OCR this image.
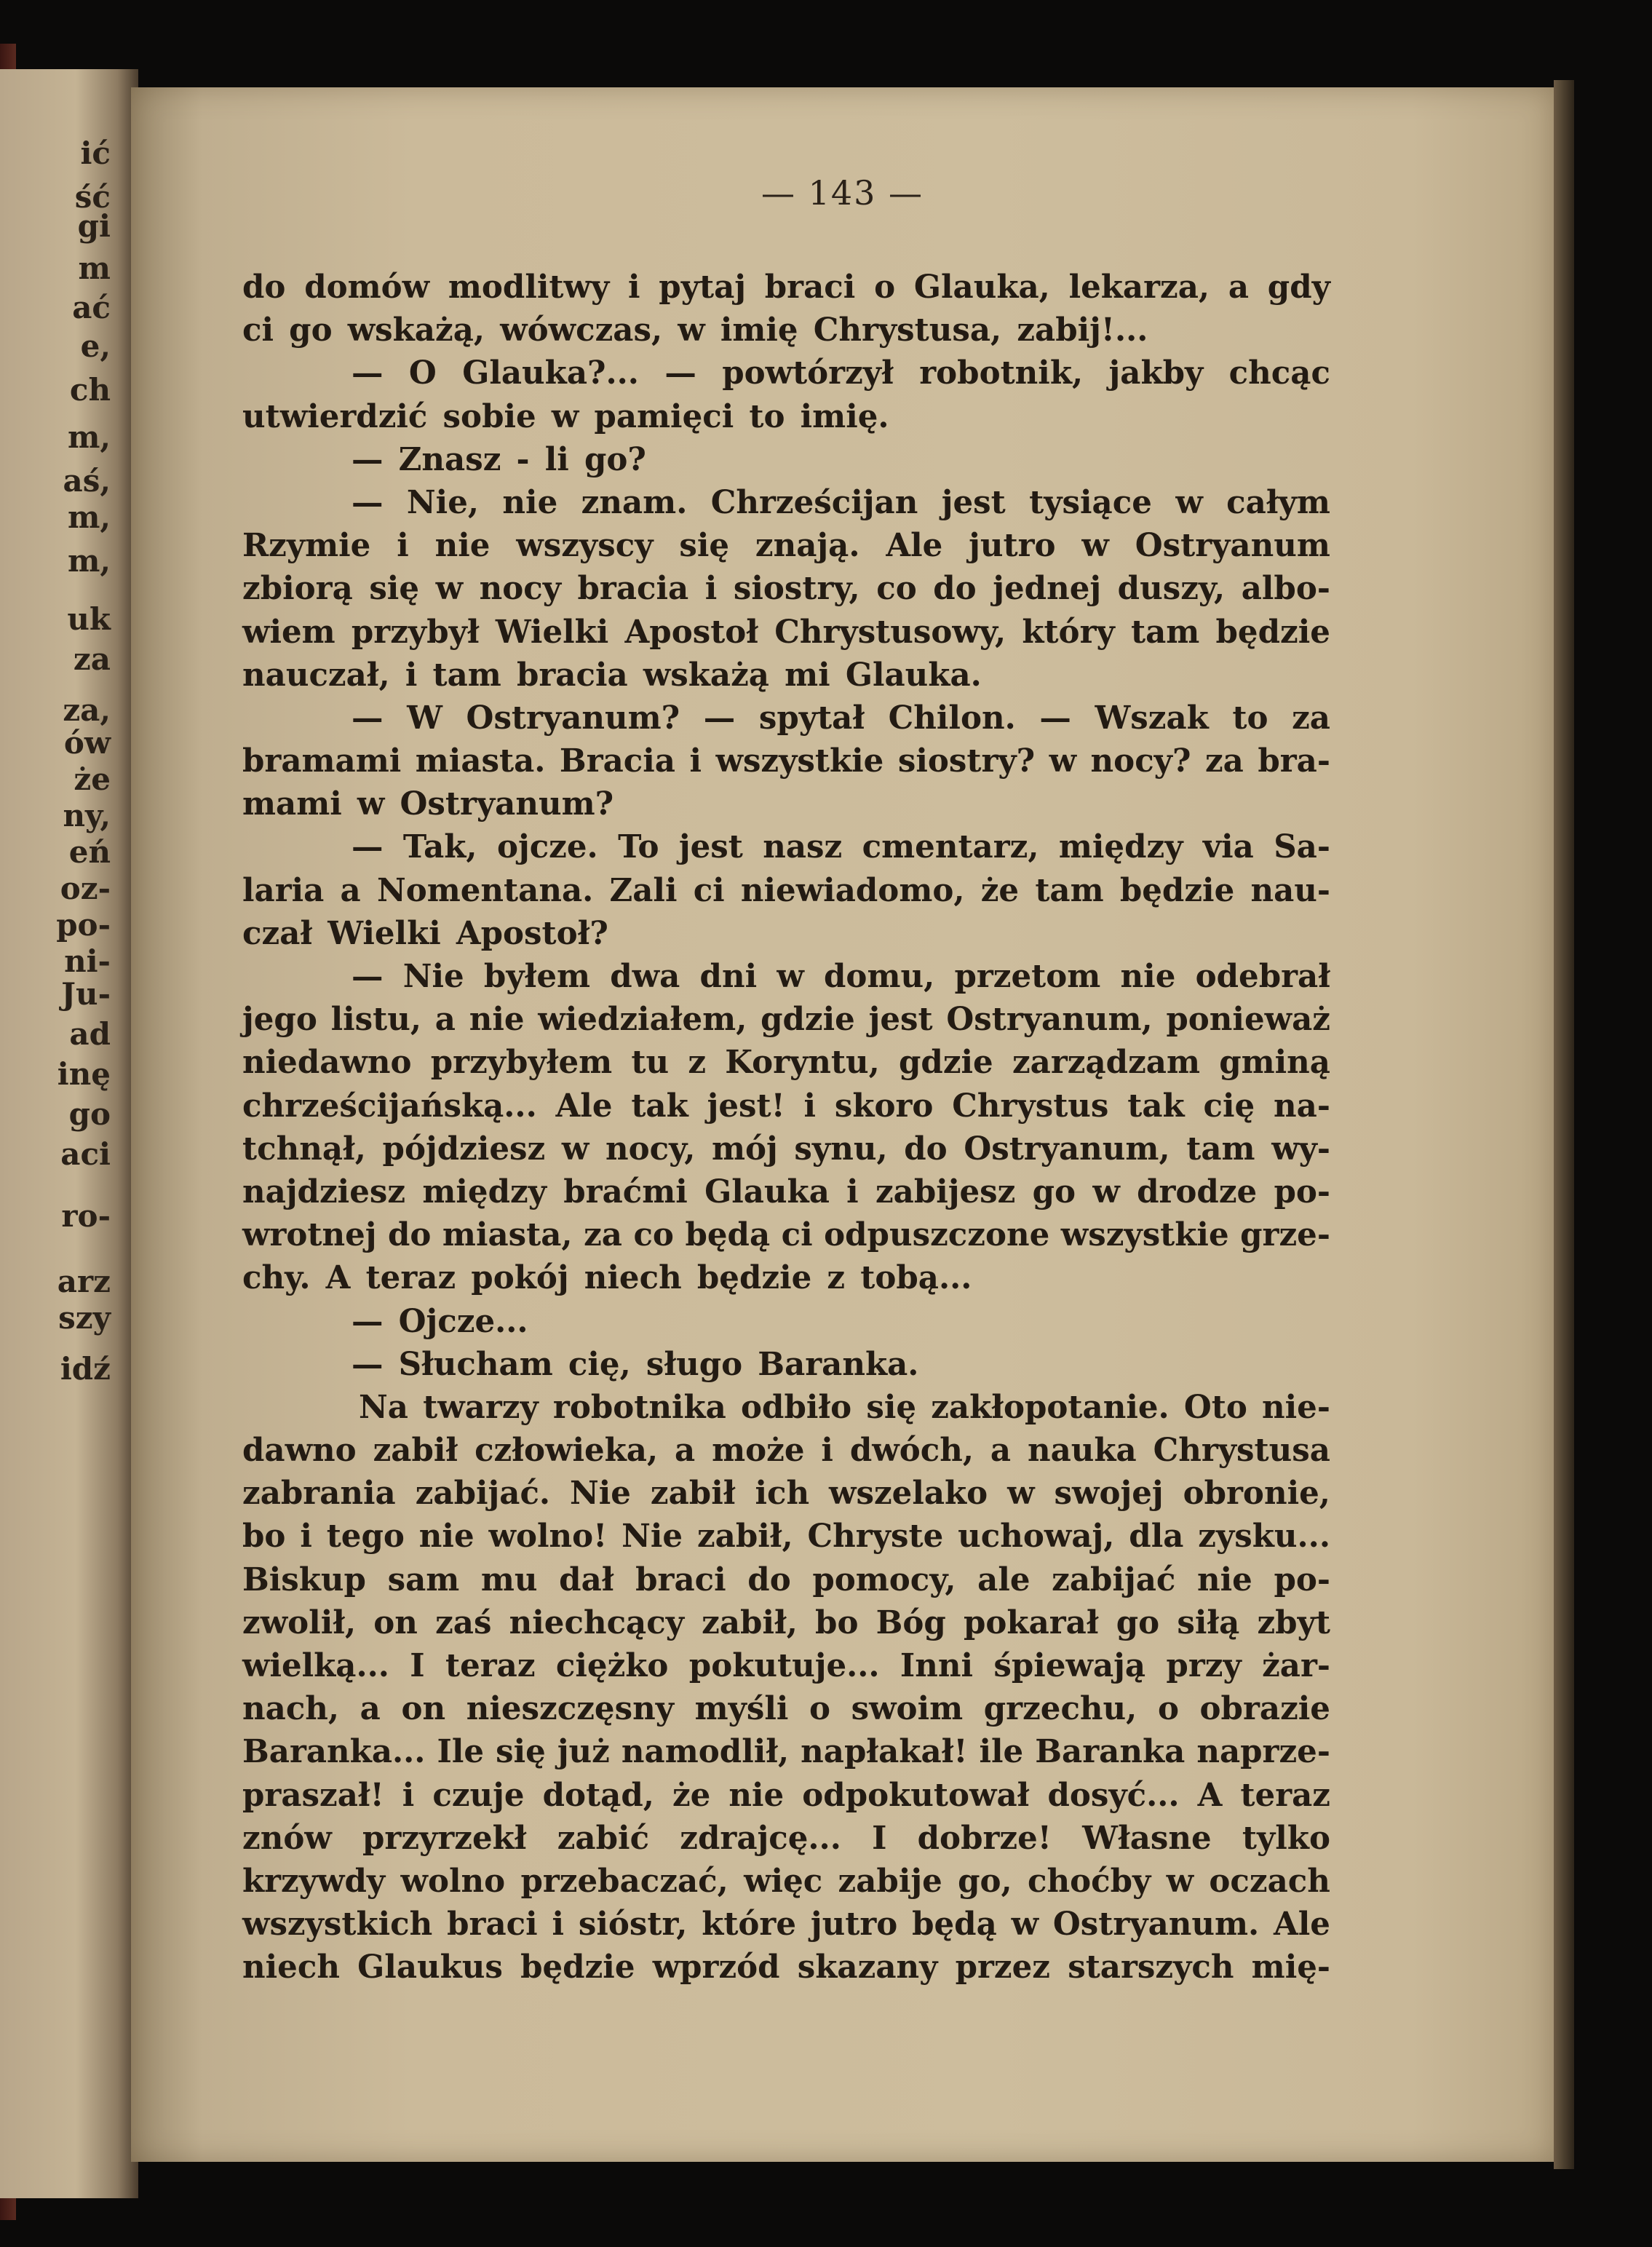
ić
ść
gi
m
ać
e,
ch
m,
aś,
m,
m,
uk
za
za,
ów
że
ny,
eń
oz-
po-
ni-
Ju-
ad
inę
go
aci
ro-
arz
szy
idź
— 143 —
do domów modlitwy i pytaj braci o Glauka, lekarza, a gdy
ci go wskażą, wówczas, w imię Chrystusa, zabij!...
— O Glauka?... — powtórzył robotnik, jakby chcąc
utwierdzić sobie w pamięci to imię.
— Znasz - li go?
— Nie, nie znam. Chrześcijan jest tysiące w całym
Rzymie i nie wszyscy się znają. Ale jutro w Ostryanum
zbiorą się w nocy bracia i siostry, co do jednej duszy, albo-
wiem przybył Wielki Apostoł Chrystusowy, który tam będzie
nauczał, i tam bracia wskażą mi Glauka.
— W Ostryanum? — spytał Chilon. — Wszak to za
bramami miasta. Bracia i wszystkie siostry? w nocy? za bra-
mami w Ostryanum?
— Tak, ojcze. To jest nasz cmentarz, między via Sa-
laria a Nomentana. Zali ci niewiadomo, że tam będzie nau-
czał Wielki Apostoł?
— Nie byłem dwa dni w domu, przetom nie odebrał
jego listu, a nie wiedziałem, gdzie jest Ostryanum, ponieważ
niedawno przybyłem tu z Koryntu, gdzie zarządzam gminą
chrześcijańską... Ale tak jest! i skoro Chrystus tak cię na-
tchnął, pójdziesz w nocy, mój synu, do Ostryanum, tam wy-
najdziesz między braćmi Glauka i zabijesz go w drodze po-
wrotnej do miasta, za co będą ci odpuszczone wszystkie grze-
chy. A teraz pokój niech będzie z tobą...
— Ojcze...
— Słucham cię, sługo Baranka.
Na twarzy robotnika odbiło się zakłopotanie. Oto nie-
dawno zabił człowieka, a może i dwóch, a nauka Chrystusa
zabrania zabijać. Nie zabił ich wszelako w swojej obronie,
bo i tego nie wolno! Nie zabił, Chryste uchowaj, dla zysku...
Biskup sam mu dał braci do pomocy, ale zabijać nie po-
zwolił, on zaś niechcący zabił, bo Bóg pokarał go siłą zbyt
wielką... I teraz ciężko pokutuje... Inni śpiewają przy żar-
nach, a on nieszczęsny myśli o swoim grzechu, o obrazie
Baranka... Ile się już namodlił, napłakał! ile Baranka naprze-
praszał! i czuje dotąd, że nie odpokutował dosyć... A teraz
znów przyrzekł zabić zdrajcę... I dobrze! Własne tylko
krzywdy wolno przebaczać, więc zabije go, choćby w oczach
wszystkich braci i sióstr, które jutro będą w Ostryanum. Ale
niech Glaukus będzie wprzód skazany przez starszych mię-
